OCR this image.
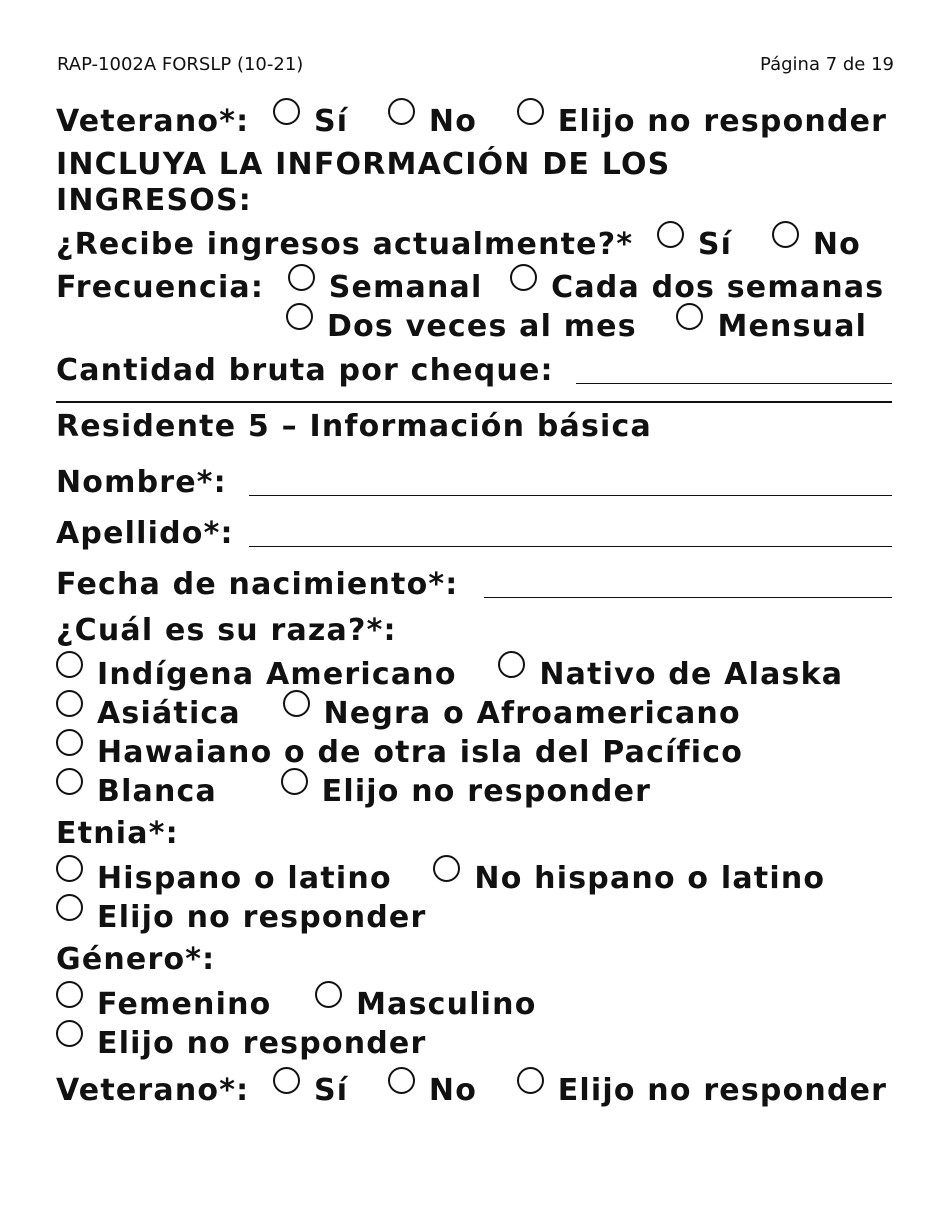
RAP-1002A FORSLP (10-21)	Página 7 de 19
Veterano*: Sí	No	Elijo no responder
INCLUYA LA INFORMACIÓN DE LOS
INGRESOS:
¿Recibe ingresos actualmente?* Sí	No
Frecuencia: Semanal Cada dos semanas
Dos veces al mes	Mensual
Cantidad bruta por cheque:
Residente 5 – Información básica
Nombre*:
Apellido*:
Fecha de nacimiento*:
¿Cuál es su raza?*:
Indígena Americano	Nativo de Alaska
Asiática	Negra o Afroamericano
Hawaiano o de otra isla del Pacífico
Blanca	Elijo no responder
Etnia*:
Hispano o latino	No hispano o latino
Elijo no responder
Género*:
Femenino	Masculino
Elijo no responder
Veterano*: Sí	No	Elijo no responder
